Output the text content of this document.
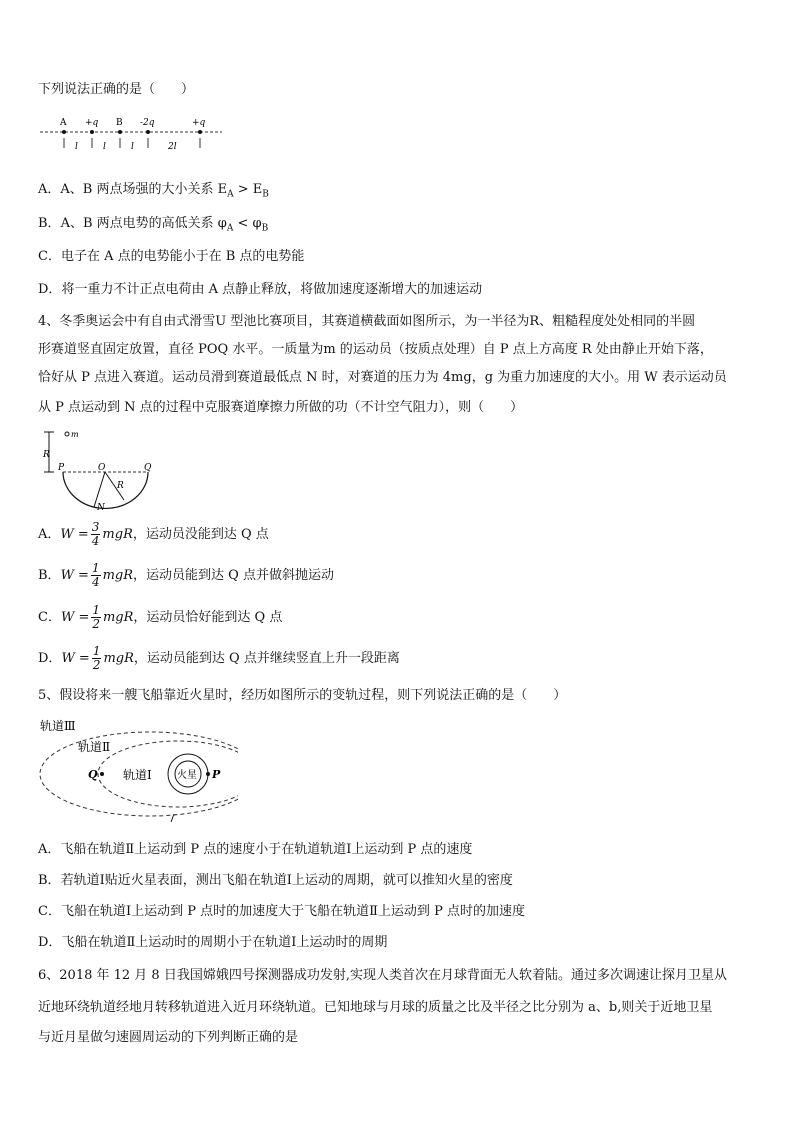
下列说法正确的是（　　）
A +q B -2q	+q
l	l	l	2l
A．A、B 两点场强的大小关系 $E_A > E_B$
B．A、B 两点电势的高低关系 $\varphi_A < \varphi_B$
C．电子在 A 点的电势能小于在 B 点的电势能
D．将一重力不计正点电荷由 A 点静止释放，将做加速度逐渐增大的加速运动
4、冬季奥运会中有自由式滑雪U 型池比赛项目，其赛道横截面如图所示，为一半径为R、粗糙程度处处相同的半圆
形赛道竖直固定放置，直径 POQ 水平。一质量为m 的运动员（按质点处理）自 P 点上方高度 R 处由静止开始下落，
恰好从 P 点进入赛道。运动员滑到赛道最低点 N 时，对赛道的压力为 4mg，g 为重力加速度的大小。用 W 表示运动员
从 P 点运动到 N 点的过程中克服赛道摩擦力所做的功（不计空气阻力），则（　　）
m
R
P	O	Q
R
N
A．$W = \frac{3}{4}$ mgR，运动员没能到达 Q 点
B．$W = \frac{1}{4}$ mgR，运动员能到达 Q 点并做斜抛运动
C．$W = \frac{1}{2}$ mgR，运动员恰好能到达 Q 点
D．$W = \frac{1}{2}$ mgR，运动员能到达 Q 点并继续竖直上升一段距离
5、假设将来一艘飞船靠近火星时，经历如图所示的变轨过程，则下列说法正确的是（　　）
轨道Ⅲ
轨道Ⅱ
Q 轨道Ⅰ	火星 P
A．飞船在轨道Ⅱ上运动到 P 点的速度小于在轨道轨道Ⅰ上运动到 P 点的速度
B．若轨道Ⅰ贴近火星表面，测出飞船在轨道Ⅰ上运动的周期，就可以推知火星的密度
C．飞船在轨道Ⅰ上运动到 P 点时的加速度大于飞船在轨道Ⅱ上运动到 P 点时的加速度
D．飞船在轨道Ⅱ上运动时的周期小于在轨道Ⅰ上运动时的周期
6、2018 年 12 月 8 日我国嫦娥四号探测器成功发射,实现人类首次在月球背面无人软着陆。通过多次调速让探月卫星从
近地环绕轨道经地月转移轨道进入近月环绕轨道。已知地球与月球的质量之比及半径之比分别为 a、b,则关于近地卫星
与近月星做匀速圆周运动的下列判断正确的是
